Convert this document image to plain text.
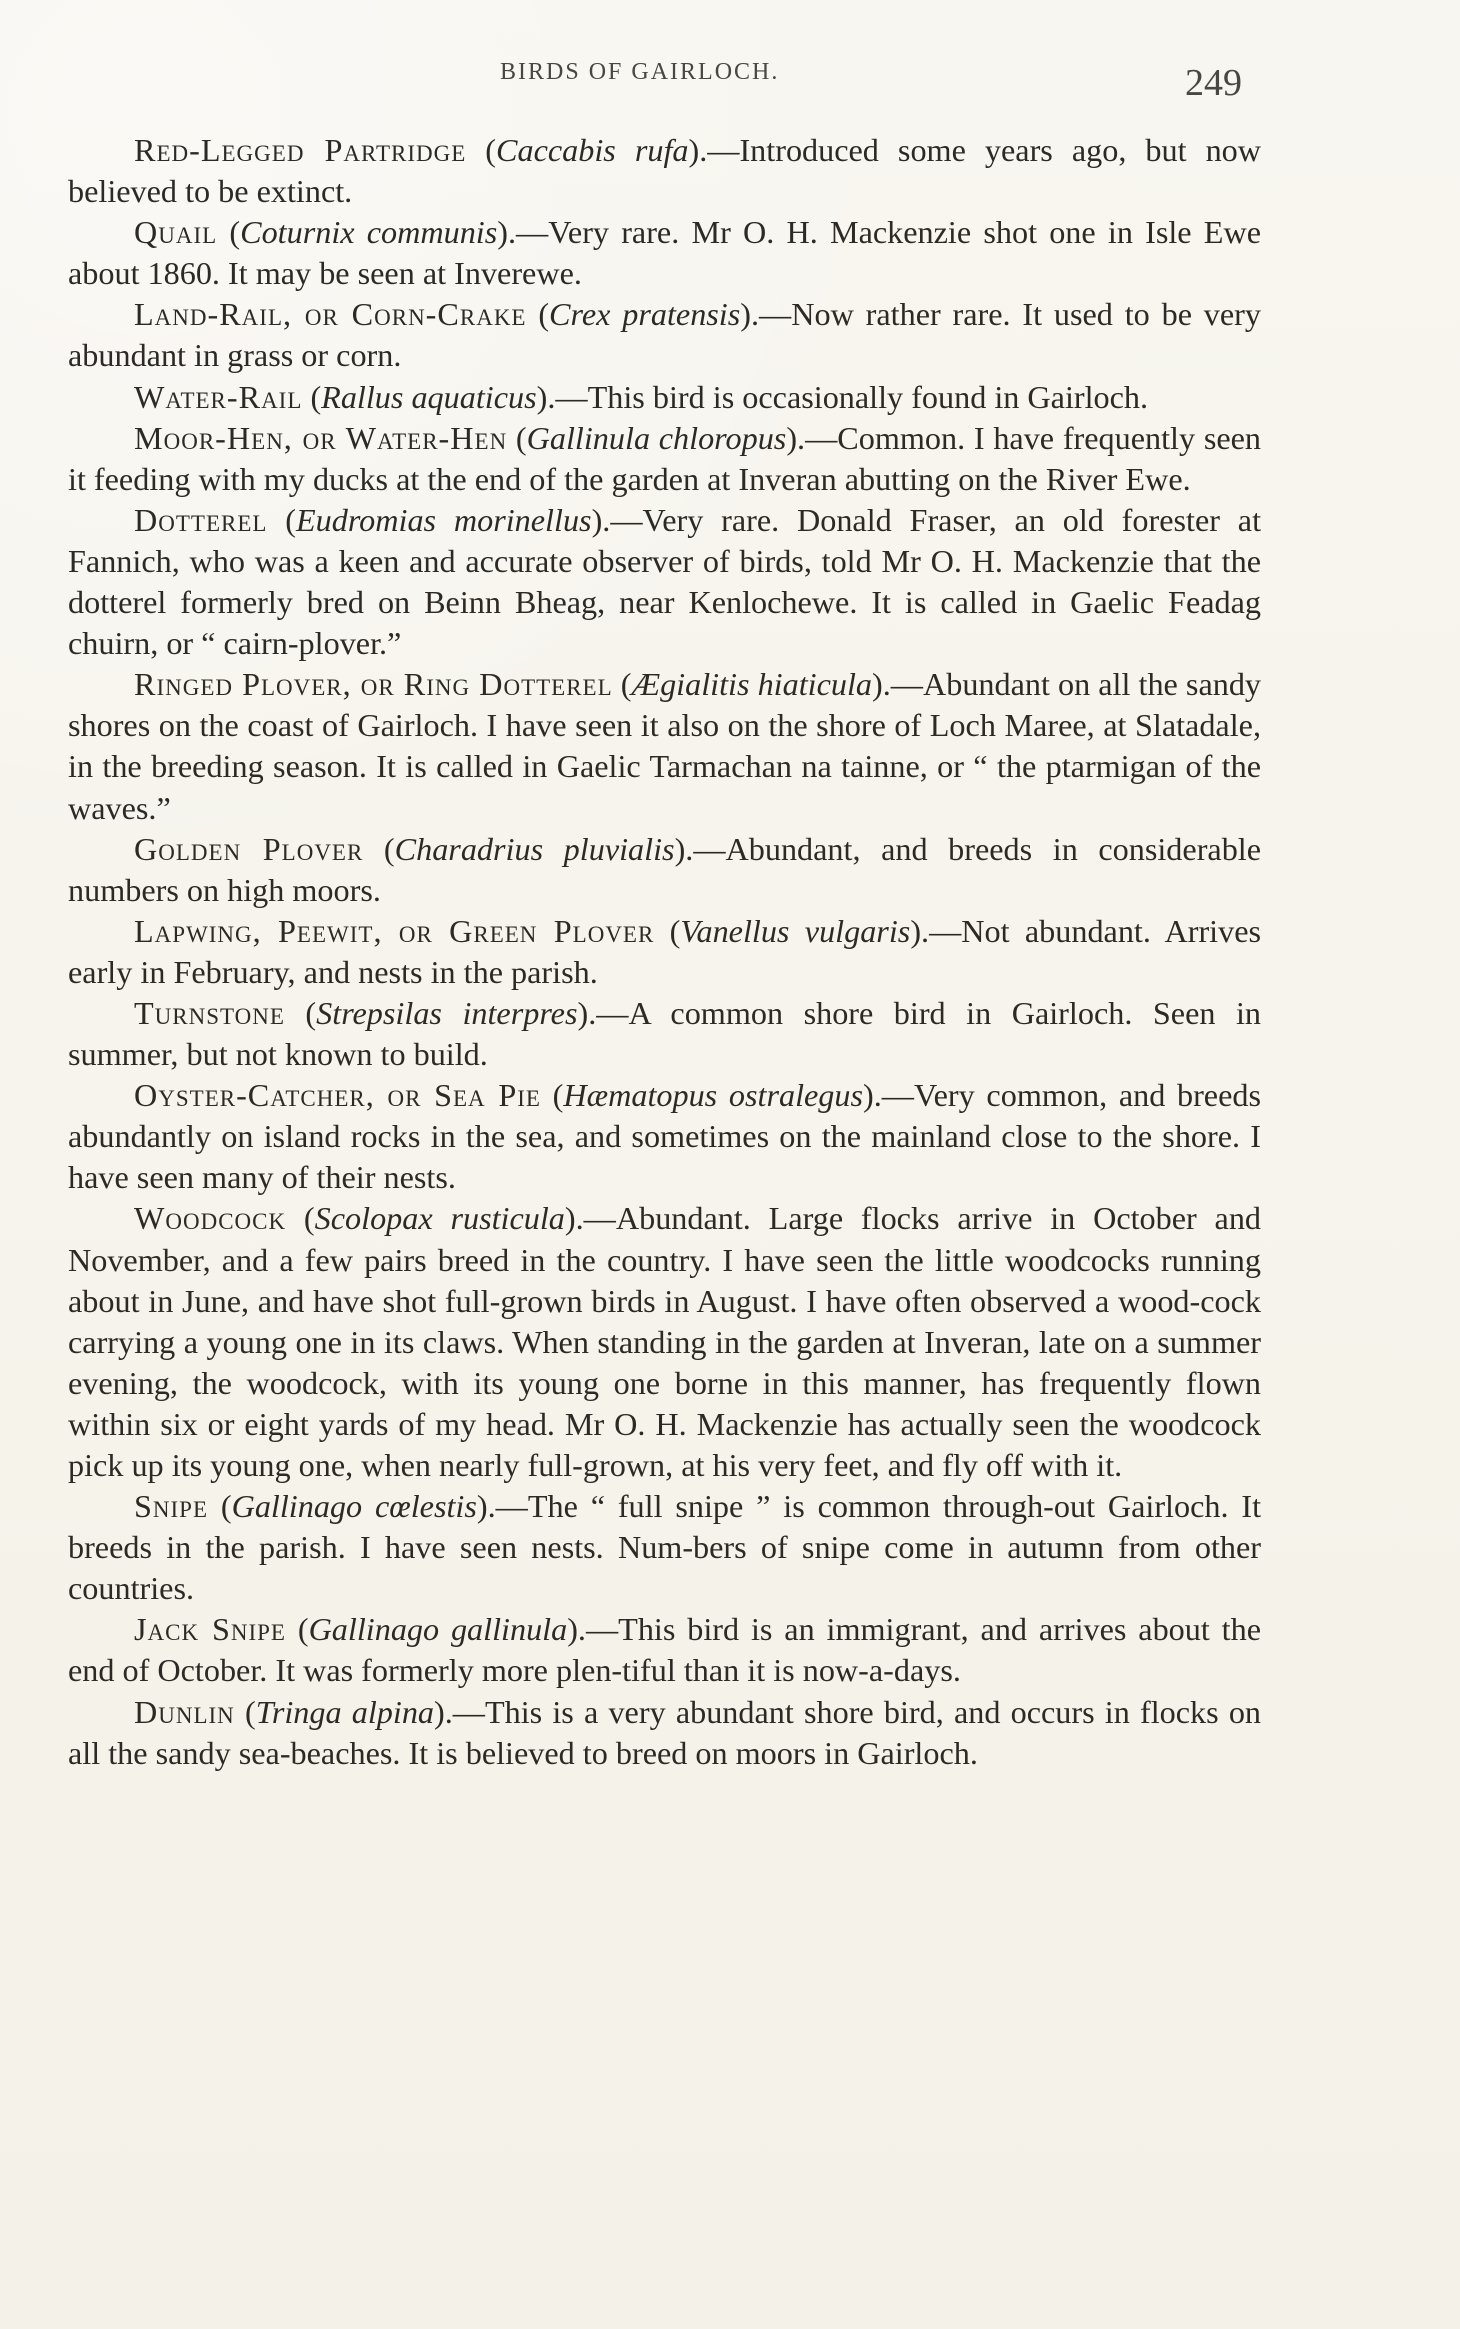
BIRDS OF GAIRLOCH.	249

Red-Legged Partridge (Caccabis rufa).—Introduced some years ago, but now believed to be extinct.

Quail (Coturnix communis).—Very rare. Mr O. H. Mackenzie shot one in Isle Ewe about 1860. It may be seen at Inverewe.

Land-Rail, or Corn-Crake (Crex pratensis).—Now rather rare. It used to be very abundant in grass or corn.

Water-Rail (Rallus aquaticus).—This bird is occasionally found in Gairloch.

Moor-Hen, or Water-Hen (Gallinula chloropus).—Common. I have frequently seen it feeding with my ducks at the end of the garden at Inveran abutting on the River Ewe.

Dotterel (Eudromias morinellus).—Very rare. Donald Fraser, an old forester at Fannich, who was a keen and accurate observer of birds, told Mr O. H. Mackenzie that the dotterel formerly bred on Beinn Bheag, near Kenlochewe. It is called in Gaelic Feadag chuirn, or “ cairn-plover.”

Ringed Plover, or Ring Dotterel (Ægialitis hiaticula).—Abundant on all the sandy shores on the coast of Gairloch. I have seen it also on the shore of Loch Maree, at Slatadale, in the breeding season. It is called in Gaelic Tarmachan na tainne, or “ the ptarmigan of the waves.”

Golden Plover (Charadrius pluvialis).—Abundant, and breeds in considerable numbers on high moors.

Lapwing, Peewit, or Green Plover (Vanellus vulgaris).—Not abundant. Arrives early in February, and nests in the parish.

Turnstone (Strepsilas interpres).—A common shore bird in Gairloch. Seen in summer, but not known to build.

Oyster-Catcher, or Sea Pie (Hæmatopus ostralegus).—Very common, and breeds abundantly on island rocks in the sea, and sometimes on the mainland close to the shore. I have seen many of their nests.

Woodcock (Scolopax rusticula).—Abundant. Large flocks arrive in October and November, and a few pairs breed in the country. I have seen the little woodcocks running about in June, and have shot full-grown birds in August. I have often observed a wood-cock carrying a young one in its claws. When standing in the garden at Inveran, late on a summer evening, the woodcock, with its young one borne in this manner, has frequently flown within six or eight yards of my head. Mr O. H. Mackenzie has actually seen the woodcock pick up its young one, when nearly full-grown, at his very feet, and fly off with it.

Snipe (Gallinago cœlestis).—The “ full snipe ” is common through-out Gairloch. It breeds in the parish. I have seen nests. Num-bers of snipe come in autumn from other countries.

Jack Snipe (Gallinago gallinula).—This bird is an immigrant, and arrives about the end of October. It was formerly more plen-tiful than it is now-a-days.

Dunlin (Tringa alpina).—This is a very abundant shore bird, and occurs in flocks on all the sandy sea-beaches. It is believed to breed on moors in Gairloch.
